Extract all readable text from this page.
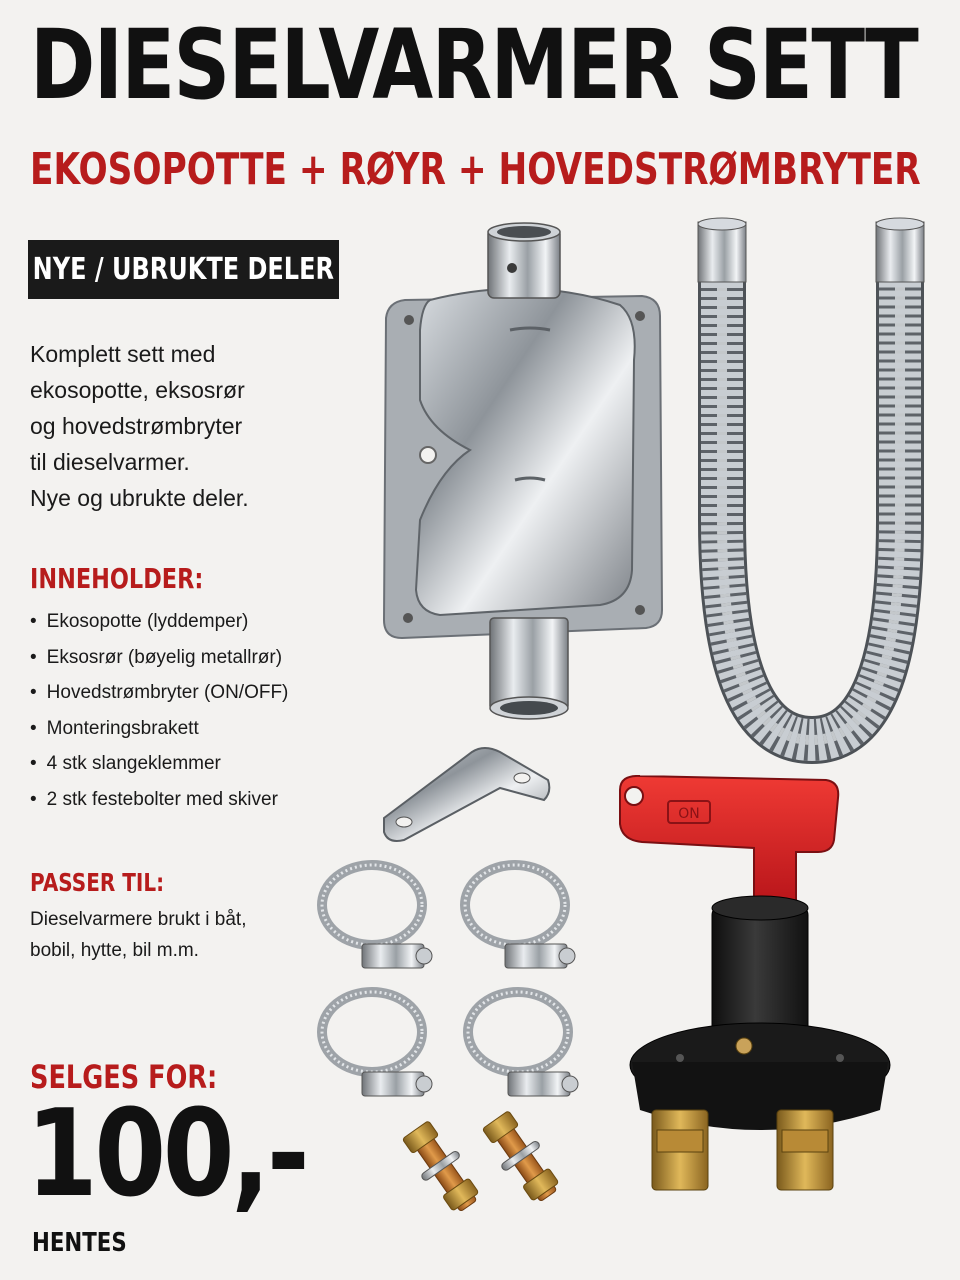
DIESELVARMER SETT
EKOSOPOTTE + RØYR + HOVEDSTRØMBRYTER
NYE / UBRUKTE DELER
Komplett sett med
ekosopotte, eksosrør
og hovedstrømbryter
til dieselvarmer.
Nye og ubrukte deler.
INNEHOLDER:
• Ekosopotte (lyddemper)
• Eksosrør (bøyelig metallrør)
• Hovedstrømbryter (ON/OFF)
• Monteringsbrakett
• 4 stk slangeklemmer
• 2 stk festebolter med skiver
PASSER TIL:
Dieselvarmere brukt i båt,
bobil, hytte, bil m.m.
SELGES FOR:
100,-
HENTES
ON
